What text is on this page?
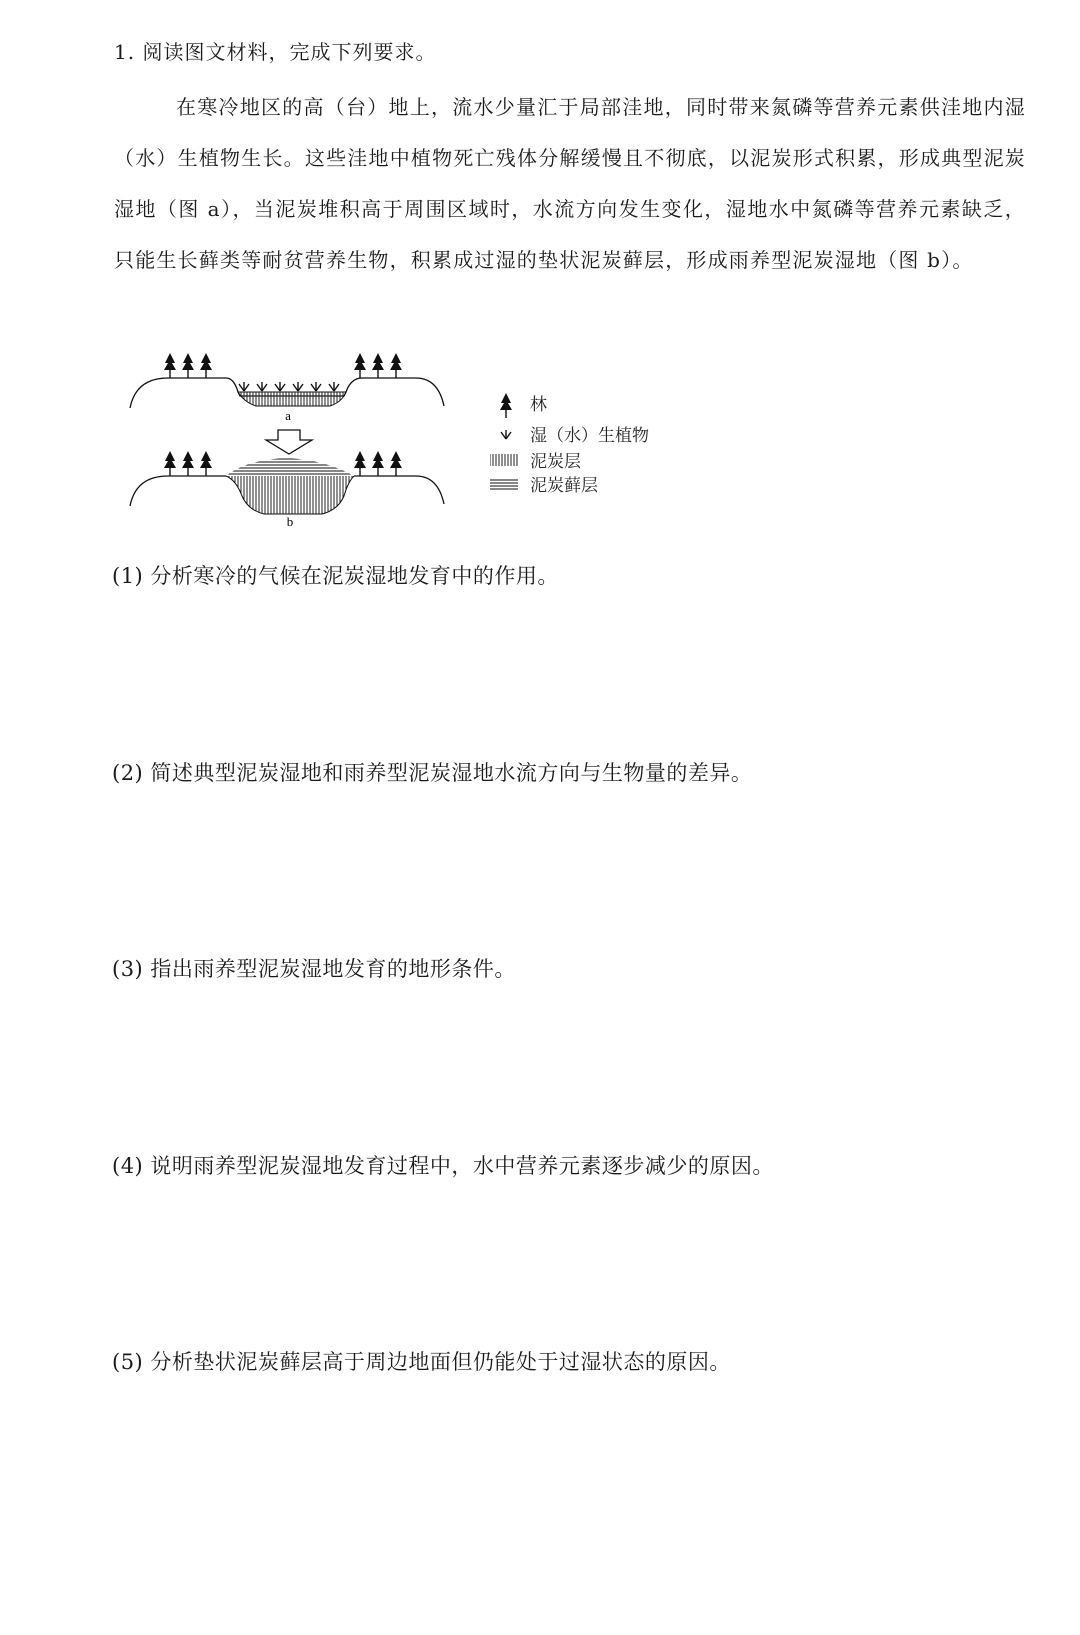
1. 阅读图文材料，完成下列要求。
在寒冷地区的高（台）地上，流水少量汇于局部洼地，同时带来氮磷等营养元素供洼地内湿（水）生植物生长。这些洼地中植物死亡残体分解缓慢且不彻底，以泥炭形式积累，形成典型泥炭湿地（图 a），当泥炭堆积高于周围区域时，水流方向发生变化，湿地水中氮磷等营养元素缺乏，只能生长藓类等耐贫营养生物，积累成过湿的垫状泥炭藓层，形成雨养型泥炭湿地（图 b）。
a
b
林
湿（水）生植物
泥炭层
泥炭藓层
(1) 分析寒冷的气候在泥炭湿地发育中的作用。
(2) 简述典型泥炭湿地和雨养型泥炭湿地水流方向与生物量的差异。
(3) 指出雨养型泥炭湿地发育的地形条件。
(4) 说明雨养型泥炭湿地发育过程中，水中营养元素逐步减少的原因。
(5) 分析垫状泥炭藓层高于周边地面但仍能处于过湿状态的原因。
